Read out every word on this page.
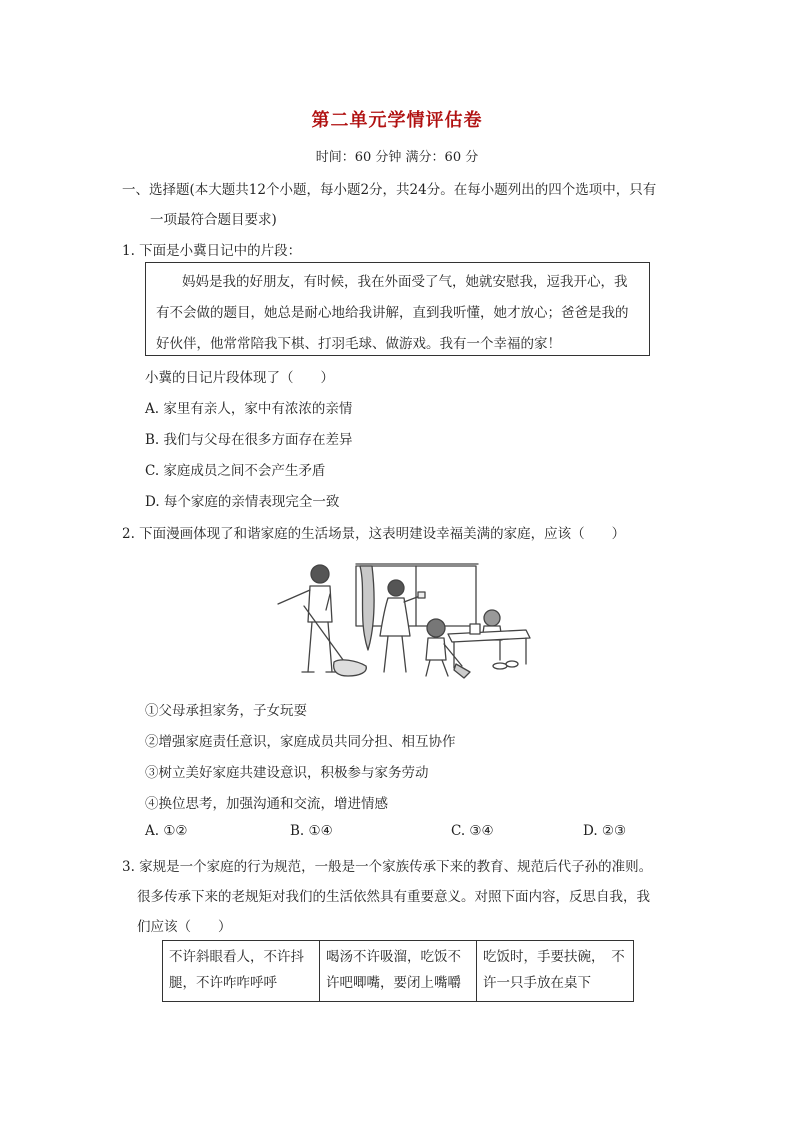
第二单元学情评估卷
时间：60 分钟 满分：60 分
一、选择题(本大题共12个小题，每小题2分，共24分。在每小题列出的四个选项中，只有
一项最符合题目要求)
1. 下面是小冀日记中的片段：
妈妈是我的好朋友，有时候，我在外面受了气，她就安慰我，逗我开心，我
有不会做的题目，她总是耐心地给我讲解，直到我听懂，她才放心；爸爸是我的
好伙伴，他常常陪我下棋、打羽毛球、做游戏。我有一个幸福的家！
小冀的日记片段体现了（　　）
A. 家里有亲人，家中有浓浓的亲情
B. 我们与父母在很多方面存在差异
C. 家庭成员之间不会产生矛盾
D. 每个家庭的亲情表现完全一致
2. 下面漫画体现了和谐家庭的生活场景，这表明建设幸福美满的家庭，应该（　　）
①父母承担家务，子女玩耍
②增强家庭责任意识，家庭成员共同分担、相互协作
③树立美好家庭共建设意识，积极参与家务劳动
④换位思考，加强沟通和交流，增进情感
A. ①②	B. ①④	C. ③④	D. ②③
3. 家规是一个家庭的行为规范，一般是一个家族传承下来的教育、规范后代子孙的准则。
很多传承下来的老规矩对我们的生活依然具有重要意义。对照下面内容，反思自我，我
们应该（　　）
不许斜眼看人，不许抖
腿，不许咋咋呼呼

喝汤不许吸溜，吃饭不
许吧唧嘴，要闭上嘴嚼

吃饭时，手要扶碗，　不
许一只手放在桌下
